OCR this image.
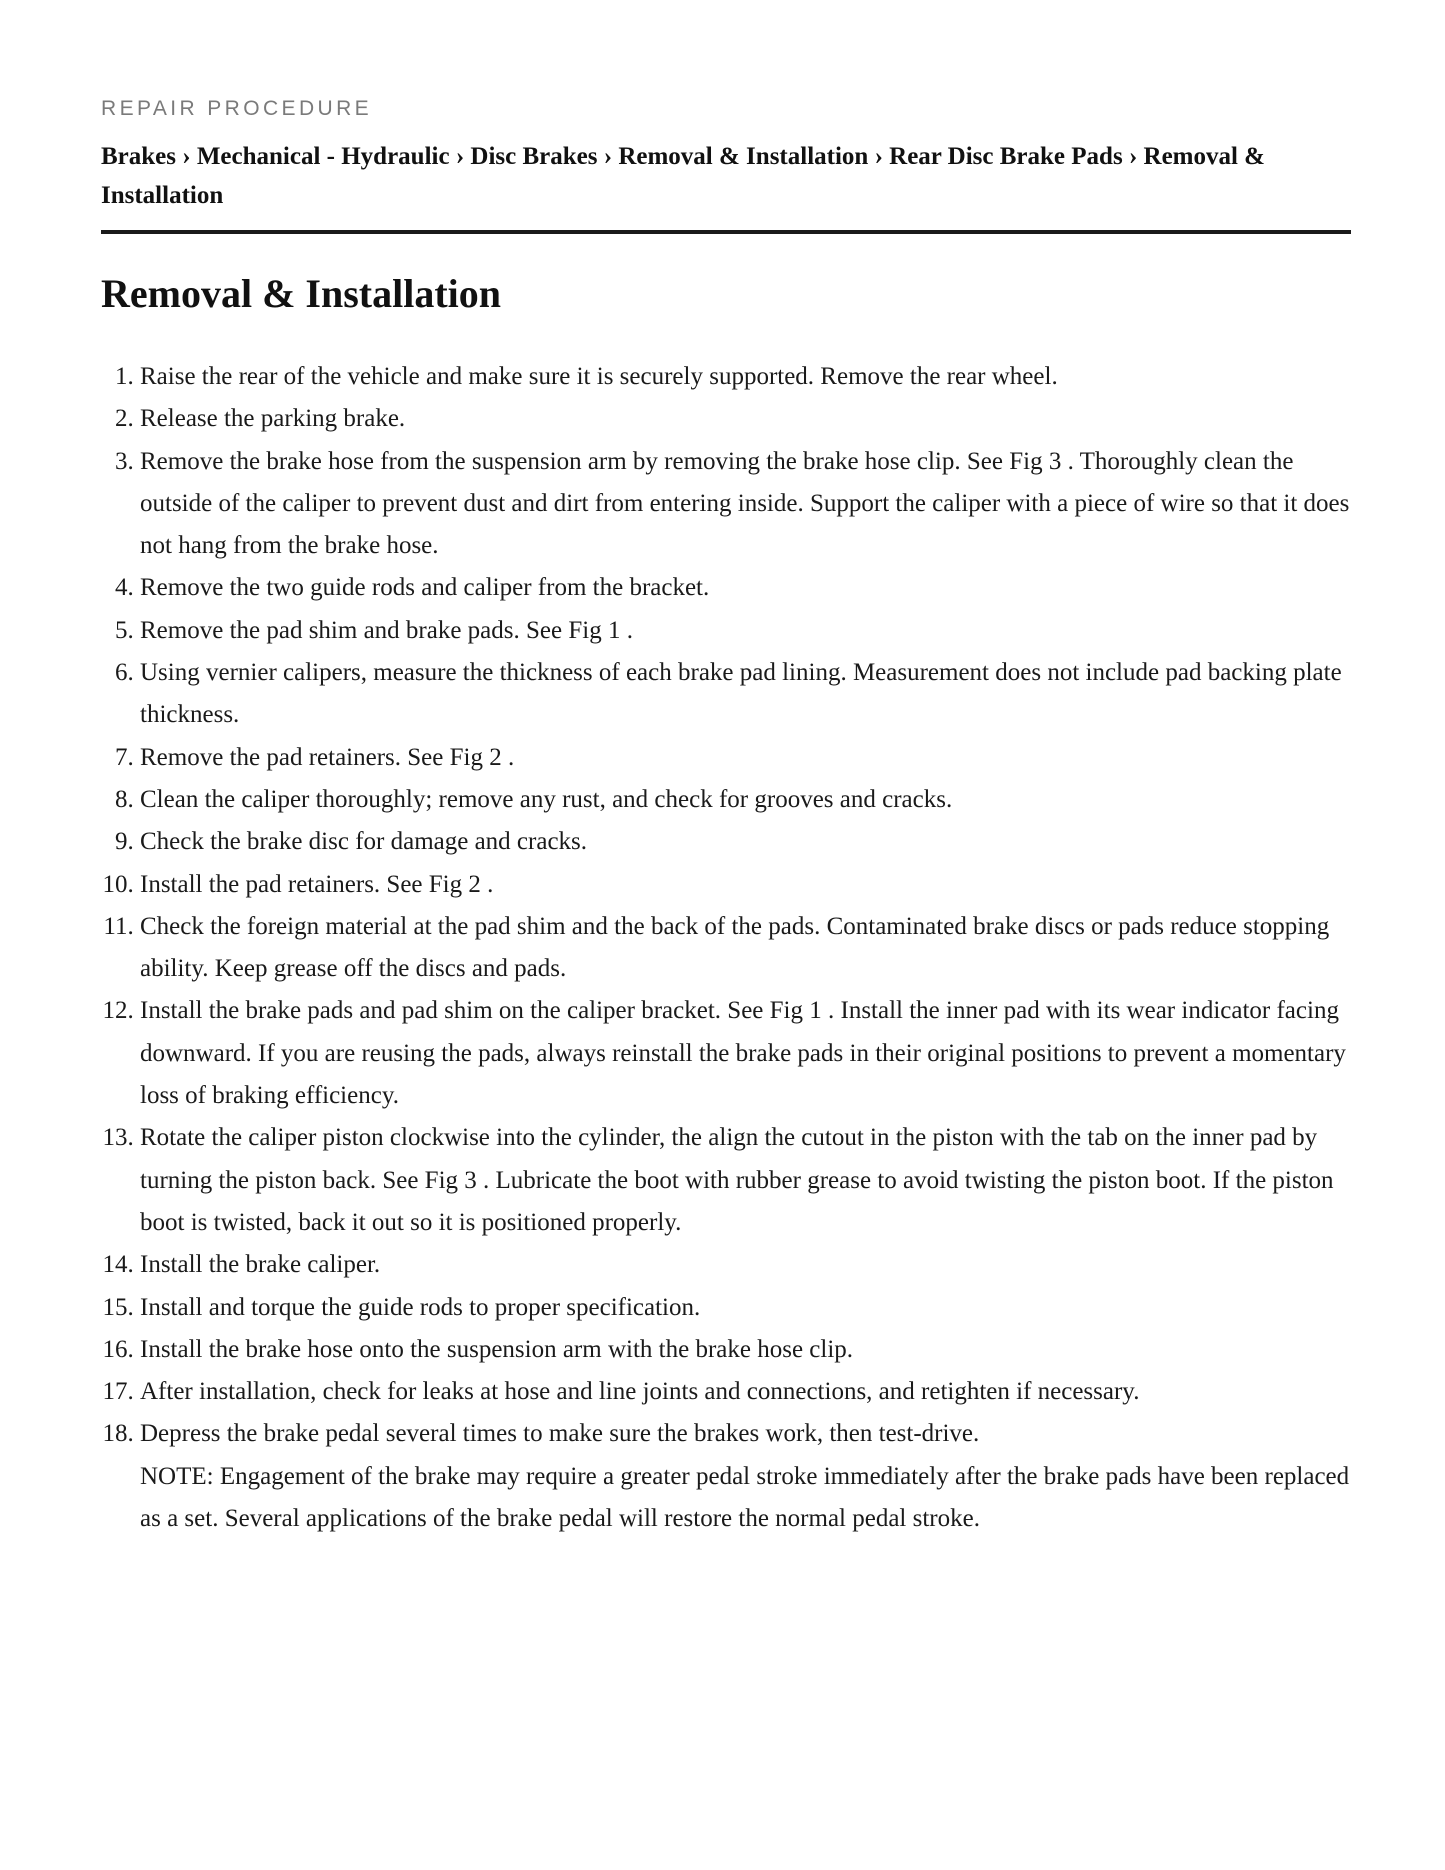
REPAIR PROCEDURE
Brakes › Mechanical - Hydraulic › Disc Brakes › Removal & Installation › Rear Disc Brake Pads › Removal & Installation
Removal & Installation
1. Raise the rear of the vehicle and make sure it is securely supported. Remove the rear wheel.
2. Release the parking brake.
3. Remove the brake hose from the suspension arm by removing the brake hose clip. See Fig 3 . Thoroughly clean the outside of the caliper to prevent dust and dirt from entering inside. Support the caliper with a piece of wire so that it does not hang from the brake hose.
4. Remove the two guide rods and caliper from the bracket.
5. Remove the pad shim and brake pads. See Fig 1 .
6. Using vernier calipers, measure the thickness of each brake pad lining. Measurement does not include pad backing plate thickness.
7. Remove the pad retainers. See Fig 2 .
8. Clean the caliper thoroughly; remove any rust, and check for grooves and cracks.
9. Check the brake disc for damage and cracks.
10. Install the pad retainers. See Fig 2 .
11. Check the foreign material at the pad shim and the back of the pads. Contaminated brake discs or pads reduce stopping ability. Keep grease off the discs and pads.
12. Install the brake pads and pad shim on the caliper bracket. See Fig 1 . Install the inner pad with its wear indicator facing downward. If you are reusing the pads, always reinstall the brake pads in their original positions to prevent a momentary loss of braking efficiency.
13. Rotate the caliper piston clockwise into the cylinder, the align the cutout in the piston with the tab on the inner pad by turning the piston back. See Fig 3 . Lubricate the boot with rubber grease to avoid twisting the piston boot. If the piston boot is twisted, back it out so it is positioned properly.
14. Install the brake caliper.
15. Install and torque the guide rods to proper specification.
16. Install the brake hose onto the suspension arm with the brake hose clip.
17. After installation, check for leaks at hose and line joints and connections, and retighten if necessary.
18. Depress the brake pedal several times to make sure the brakes work, then test-drive.
NOTE: Engagement of the brake may require a greater pedal stroke immediately after the brake pads have been replaced as a set. Several applications of the brake pedal will restore the normal pedal stroke.
